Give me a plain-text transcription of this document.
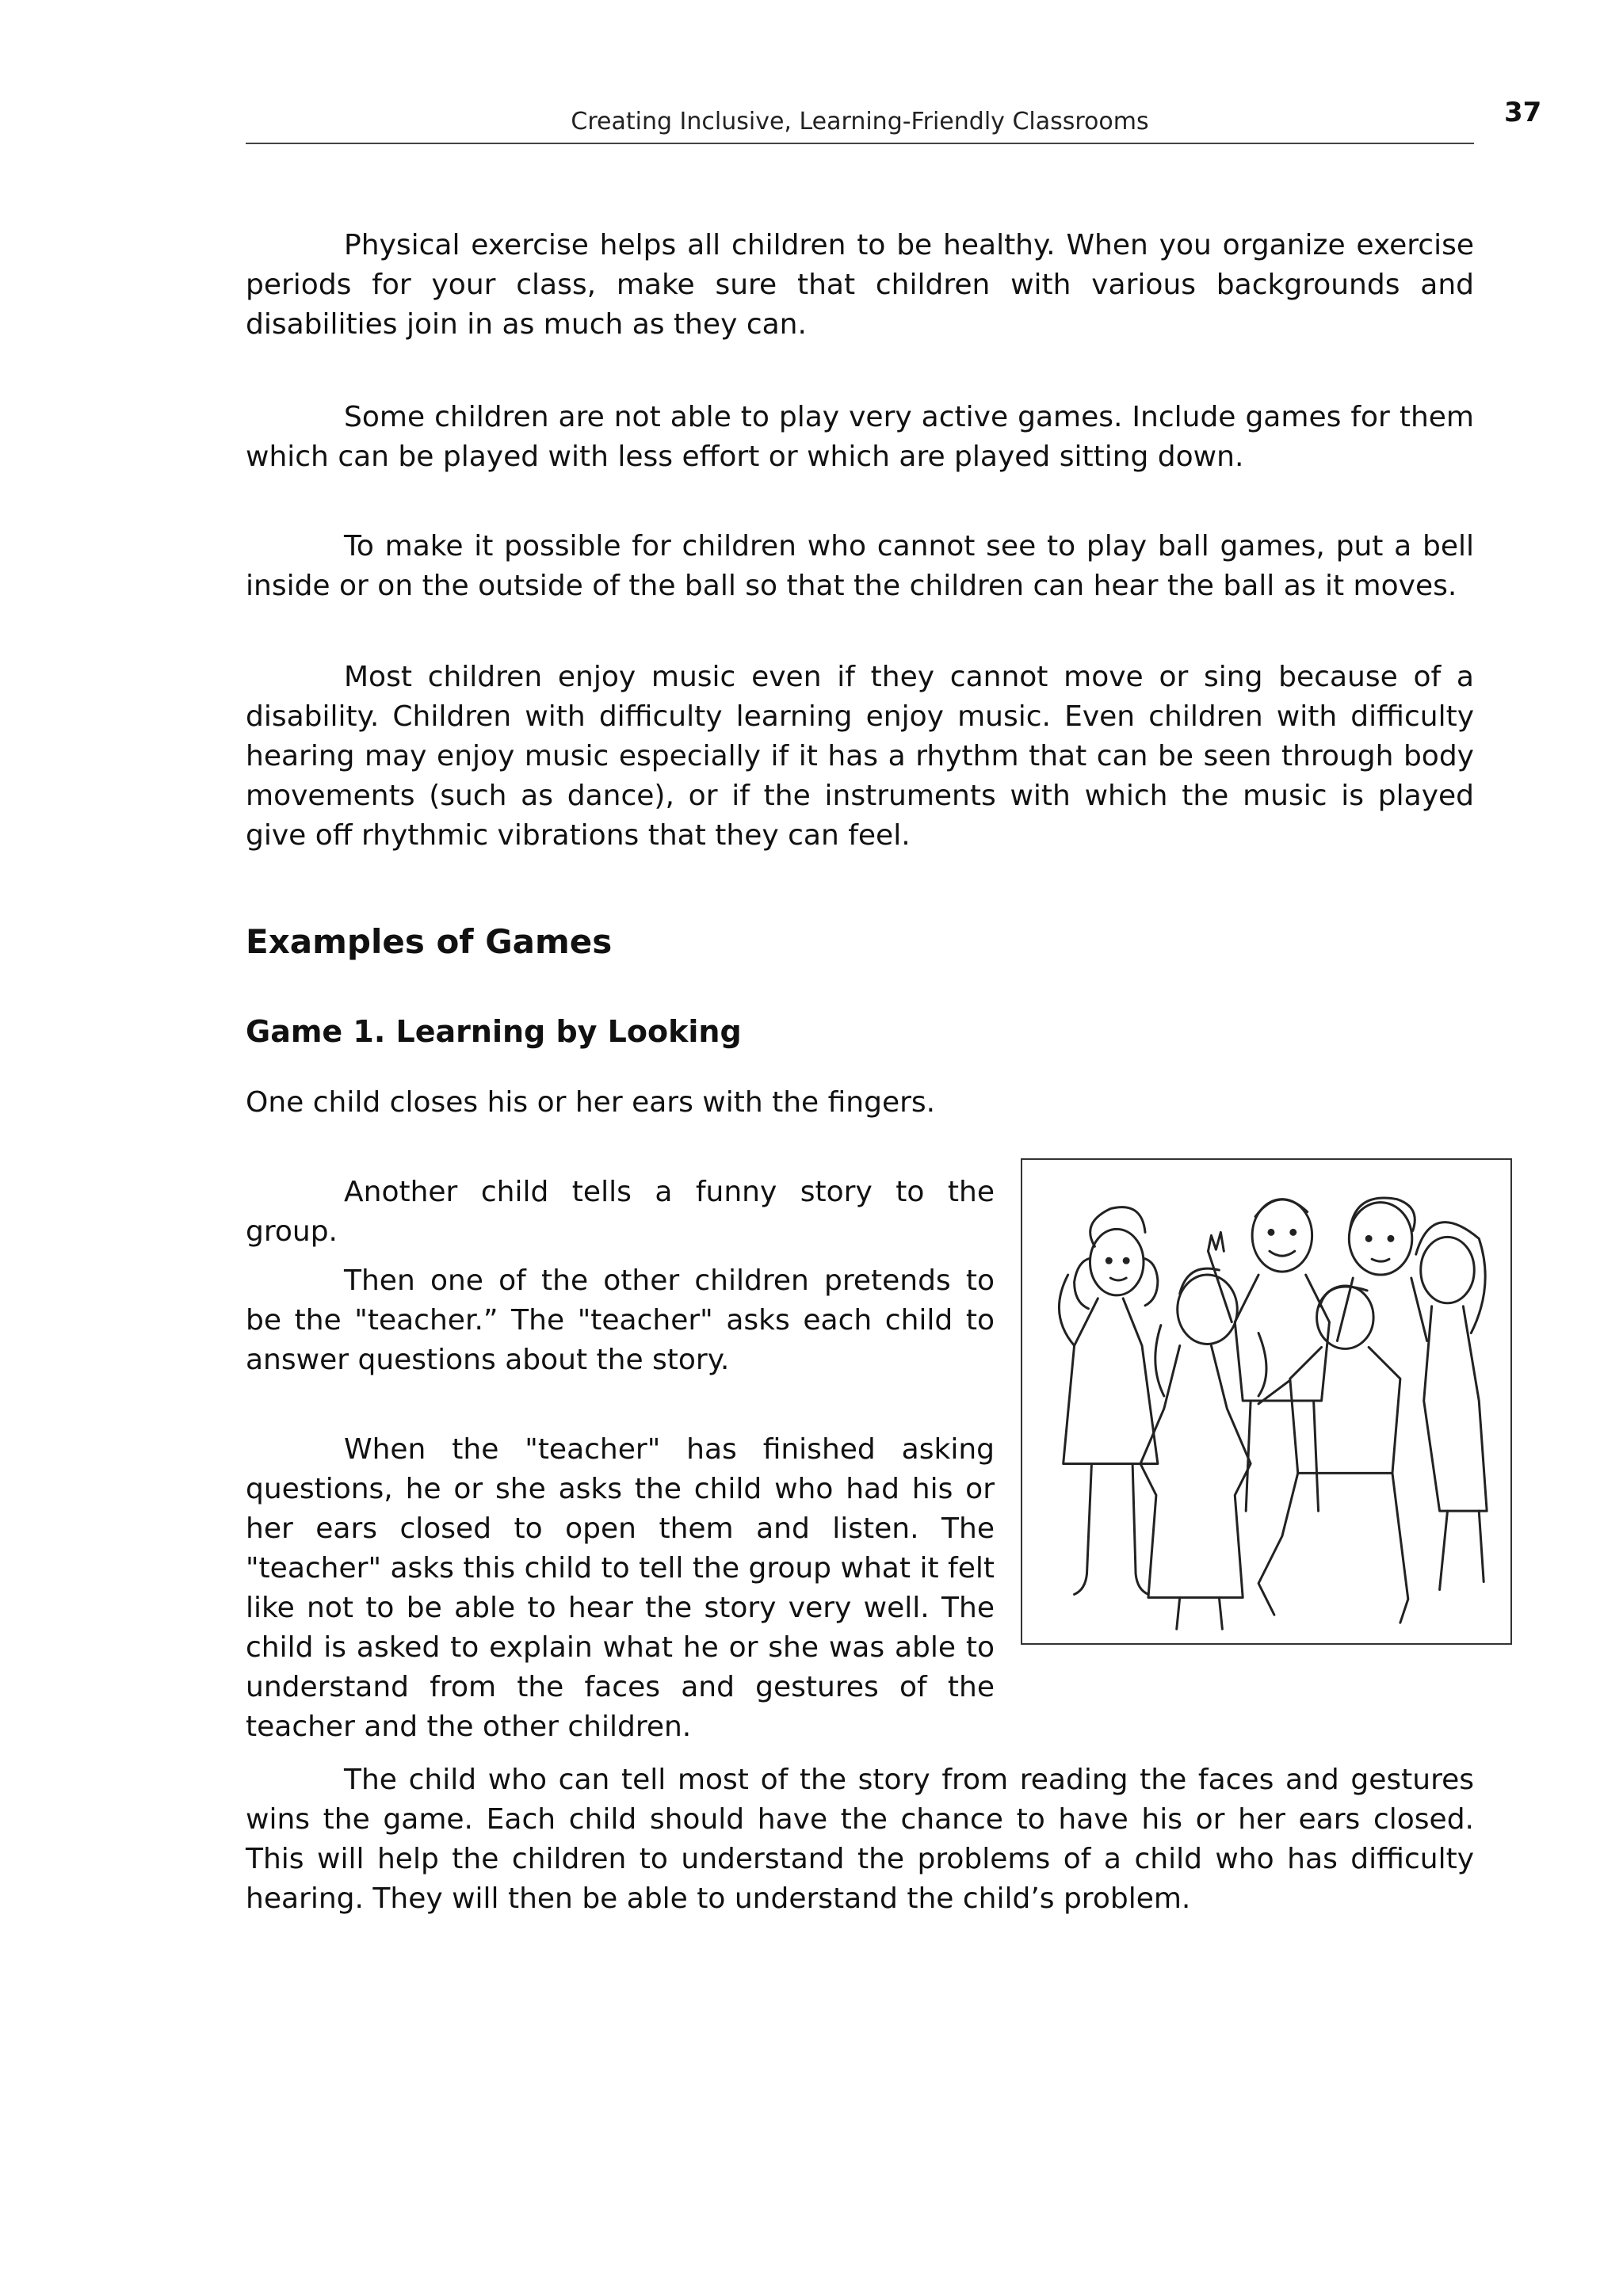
Creating Inclusive, Learning-Friendly Classrooms	37

Physical exercise helps all children to be healthy. When you organize exercise periods for your class, make sure that children with various backgrounds and disabilities join in as much as they can.

Some children are not able to play very active games. Include games for them which can be played with less effort or which are played sitting down.

To make it possible for children who cannot see to play ball games, put a bell inside or on the outside of the ball so that the children can hear the ball as it moves.

Most children enjoy music even if they cannot move or sing because of a disability. Children with difficulty learning enjoy music. Even children with difficulty hearing may enjoy music especially if it has a rhythm that can be seen through body movements (such as dance), or if the instruments with which the music is played give off rhythmic vibrations that they can feel.

Examples of Games
Game 1. Learning by Looking

One child closes his or her ears with the fingers.

Another child tells a funny story to the group.

Then one of the other children pretends to be the "teacher.” The "teacher" asks each child to answer questions about the story.

When the "teacher" has finished asking questions, he or she asks the child who had his or her ears closed to open them and listen. The "teacher" asks this child to tell the group what it felt like not to be able to hear the story very well. The child is asked to explain what he or she was able to understand from the faces and gestures of the teacher and the other children.

The child who can tell most of the story from reading the faces and gestures wins the game. Each child should have the chance to have his or her ears closed. This will help the children to understand the problems of a child who has difficulty hearing. They will then be able to understand the child’s problem.
